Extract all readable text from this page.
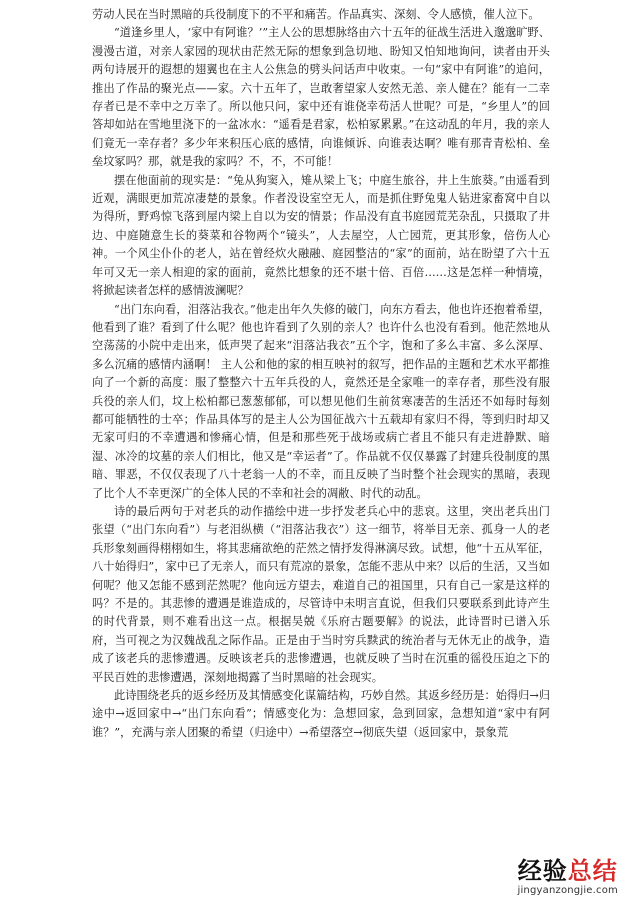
劳动人民在当时黑暗的兵役制度下的不平和痛苦。作品真实、深刻、令人感愤，催人泣下。

“道逢乡里人，‘家中有阿谁？’”主人公的思想脉络由六十五年的征战生活进入邈邈旷野、漫漫古道，对亲人家园的现状由茫然无际的想象到急切地、盼知又怕知地询问，读者由开头两句诗展开的遐想的翅翼也在主人公焦急的劈头问话声中收束。一句“家中有阿谁”的追问，推出了作品的聚光点——家。六十五年了，岂敢奢望家人安然无恙、亲人健在？能有一二幸存者已是不幸中之万幸了。所以他只问，家中还有谁侥幸苟活人世呢？可是，“乡里人”的回答却如站在雪地里浇下的一盆冰水：“遥看是君家，松柏冢累累。”在这动乱的年月，我的亲人们竟无一幸存者？多少年来积压心底的感情，向谁倾诉、向谁表达啊？唯有那青青松柏、垒垒坟冢吗？那，就是我的家吗？不，不，不可能！

摆在他面前的现实是：“兔从狗窦入，雉从梁上飞；中庭生旅谷，井上生旅葵。”由遥看到近观，满眼更加荒凉凄楚的景象。作者没设室空无人，而是抓住野兔鬼人钻进家畜窝中自以为得所，野鸡惊飞落到屋内梁上自以为安的情景；作品没有直书庭园荒芜杂乱，只摄取了井边、中庭随意生长的葵菜和谷物两个“镜头”，人去屋空，人亡园荒，更其形象，倍伤人心神。一个风尘仆仆的老人，站在曾经炊火融融、庭园整洁的“家”的面前，站在盼望了六十五年可又无一亲人相迎的家的面前，竟然比想象的还不堪十倍、百倍……这是怎样一种情境，将掀起读者怎样的感情波澜呢？

“出门东向看，泪落沾我衣。”他走出年久失修的破门，向东方看去，他也许还抱着希望，他看到了谁？看到了什么呢？他也许看到了久别的亲人？也许什么也没有看到。他茫然地从空荡荡的小院中走出来，低声哭了起来“泪落沾我衣”五个字，饱和了多么丰富、多么深厚、多么沉痛的感情内涵啊！ 主人公和他的家的相互映衬的叙写，把作品的主题和艺术水平都推向了一个新的高度：服了整整六十五年兵役的人，竟然还是全家唯一的幸存者，那些没有服兵役的亲人们，坟上松柏都已葱葱郁郁，可以想见他们生前贫寒凄苦的生活还不如每时每刻都可能牺牲的士卒；作品具体写的是主人公为国征战六十五载却有家归不得，等到归时却又无家可归的不幸遭遇和惨痛心情，但是和那些死于战场或病亡者且不能只有走进静默、暗湿、冰冷的坟墓的亲人们相比，他又是“幸运者”了。作品就不仅仅暴露了封建兵役制度的黑暗、罪恶，不仅仅表现了八十老翁一人的不幸，而且反映了当时整个社会现实的黑暗，表现了比个人不幸更深广的全体人民的不幸和社会的凋敝、时代的动乱。

诗的最后两句于对老兵的动作描绘中进一步抒发老兵心中的悲哀。这里，突出老兵出门张望（“出门东向看”）与老泪纵横（“泪落沾我衣”）这一细节，将举目无亲、孤身一人的老兵形象刻画得栩栩如生，将其悲痛欲绝的茫然之情抒发得淋漓尽致。试想，他“十五从军征，八十始得归”，家中已了无亲人，而只有荒凉的景象，怎能不悲从中来？以后的生活，又当如何呢？他又怎能不感到茫然呢？他向远方望去，难道自己的祖国里，只有自己一家是这样的吗？不是的。其悲惨的遭遇是谁造成的，尽管诗中未明言直说，但我们只要联系到此诗产生的时代背景，则不难看出这一点。根据吴兢《乐府古题要解》的说法，此诗晋时已谱入乐府，当可视之为汉魏战乱之际作品。正是由于当时穷兵黩武的统治者与无休无止的战争，造成了该老兵的悲惨遭遇。反映该老兵的悲惨遭遇，也就反映了当时在沉重的徭役压迫之下的平民百姓的悲惨遭遇，深刻地揭露了当时黑暗的社会现实。

此诗围绕老兵的返乡经历及其情感变化谋篇结构，巧妙自然。其返乡经历是：始得归→归途中→返回家中→“出门东向看”；情感变化为：急想回家，急到回家，急想知道“家中有阿谁？”，充满与亲人团聚的希望（归途中）→希望落空→彻底失望（返回家中，景象荒

经验总结
jingyanzongjie.com
